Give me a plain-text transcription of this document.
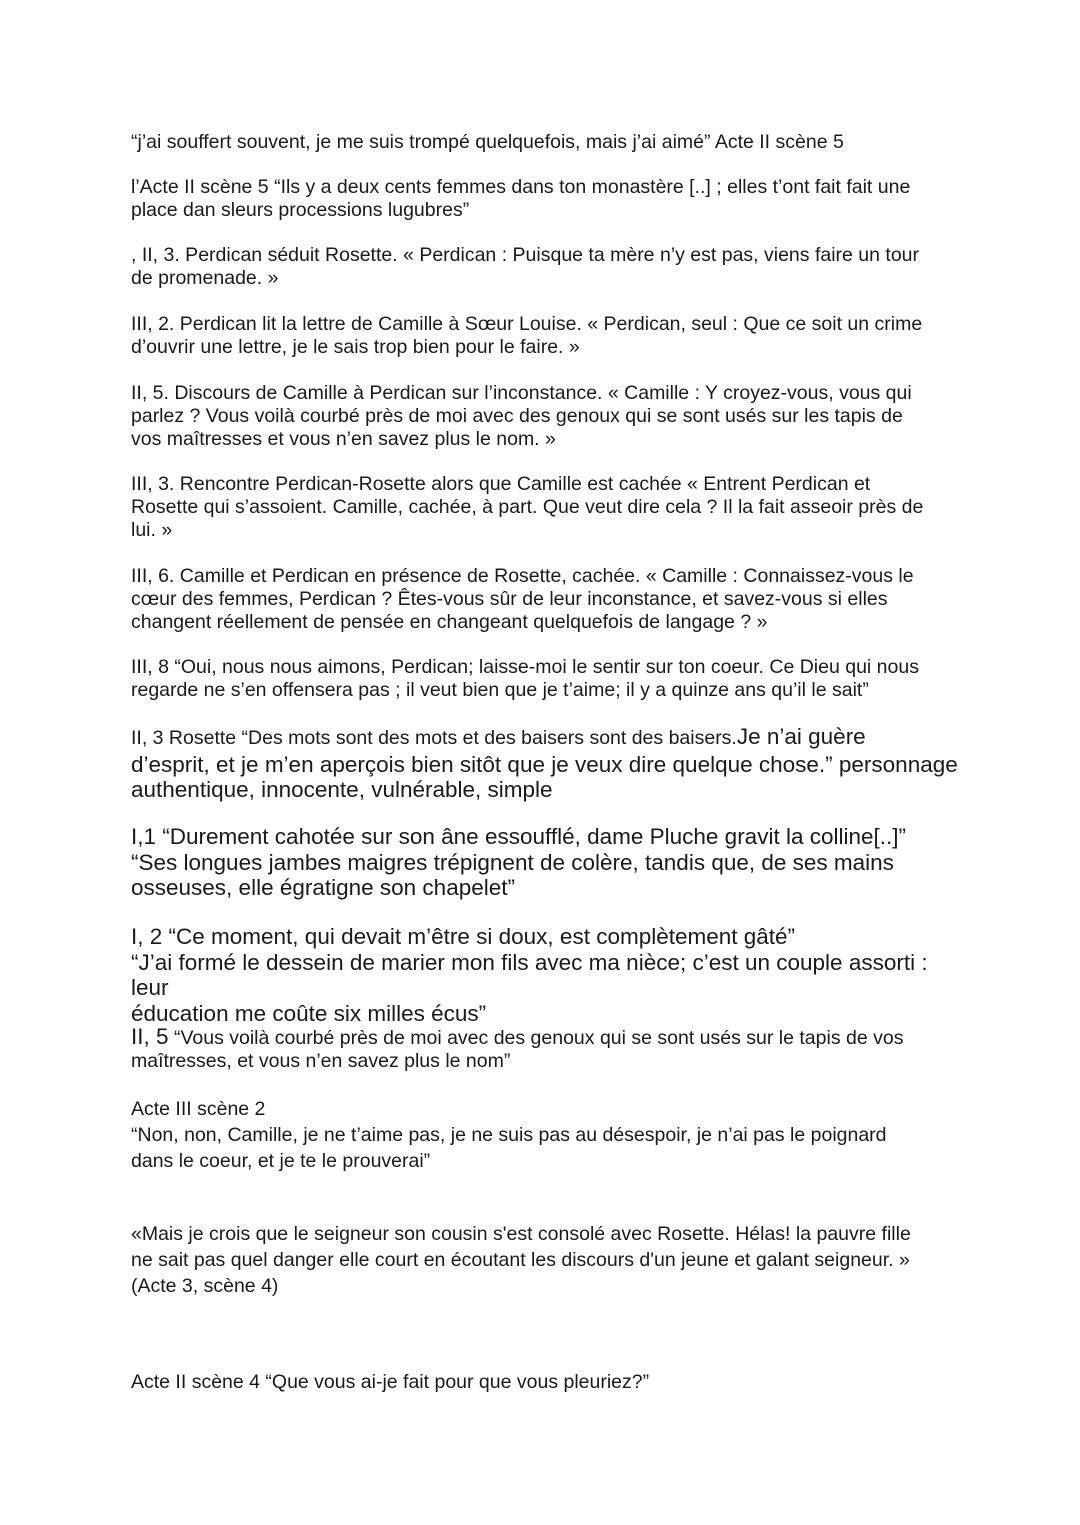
“j’ai souffert souvent, je me suis trompé quelquefois, mais j’ai aimé” Acte II scène 5

l’Acte II scène 5 “Ils y a deux cents femmes dans ton monastère [..] ; elles t’ont fait fait une
place dan sleurs processions lugubres”

, II, 3. Perdican séduit Rosette. « Perdican : Puisque ta mère n’y est pas, viens faire un tour
de promenade. »

III, 2. Perdican lit la lettre de Camille à Sœur Louise. « Perdican, seul : Que ce soit un crime
d’ouvrir une lettre, je le sais trop bien pour le faire. »

II, 5. Discours de Camille à Perdican sur l’inconstance. « Camille : Y croyez-vous, vous qui
parlez ? Vous voilà courbé près de moi avec des genoux qui se sont usés sur les tapis de
vos maîtresses et vous n’en savez plus le nom. »

III, 3. Rencontre Perdican-Rosette alors que Camille est cachée « Entrent Perdican et
Rosette qui s’assoient. Camille, cachée, à part. Que veut dire cela ? Il la fait asseoir près de
lui. »

III, 6. Camille et Perdican en présence de Rosette, cachée. « Camille : Connaissez-vous le
cœur des femmes, Perdican ? Êtes-vous sûr de leur inconstance, et savez-vous si elles
changent réellement de pensée en changeant quelquefois de langage ? »

III, 8 “Oui, nous nous aimons, Perdican; laisse-moi le sentir sur ton coeur. Ce Dieu qui nous
regarde ne s’en offensera pas ; il veut bien que je t’aime; il y a quinze ans qu’il le sait”

II, 3 Rosette “Des mots sont des mots et des baisers sont des baisers.Je n’ai guère
d’esprit, et je m’en aperçois bien sitôt que je veux dire quelque chose.” personnage
authentique, innocente, vulnérable, simple

I,1 “Durement cahotée sur son âne essoufflé, dame Pluche gravit la colline[..]”
“Ses longues jambes maigres trépignent de colère, tandis que, de ses mains
osseuses, elle égratigne son chapelet”

I, 2 “Ce moment, qui devait m’être si doux, est complètement gâté”
“J’ai formé le dessein de marier mon fils avec ma nièce; c’est un couple assorti : leur
éducation me coûte six milles écus”

II, 5 “Vous voilà courbé près de moi avec des genoux qui se sont usés sur le tapis de vos
maîtresses, et vous n’en savez plus le nom”

Acte III scène 2
“Non, non, Camille, je ne t’aime pas, je ne suis pas au désespoir, je n’ai pas le poignard
dans le coeur, et je te le prouverai”

«Mais je crois que le seigneur son cousin s'est consolé avec Rosette. Hélas! la pauvre fille
ne sait pas quel danger elle court en écoutant les discours d'un jeune et galant seigneur. »
(Acte 3, scène 4)

Acte II scène 4 “Que vous ai-je fait pour que vous pleuriez?”
